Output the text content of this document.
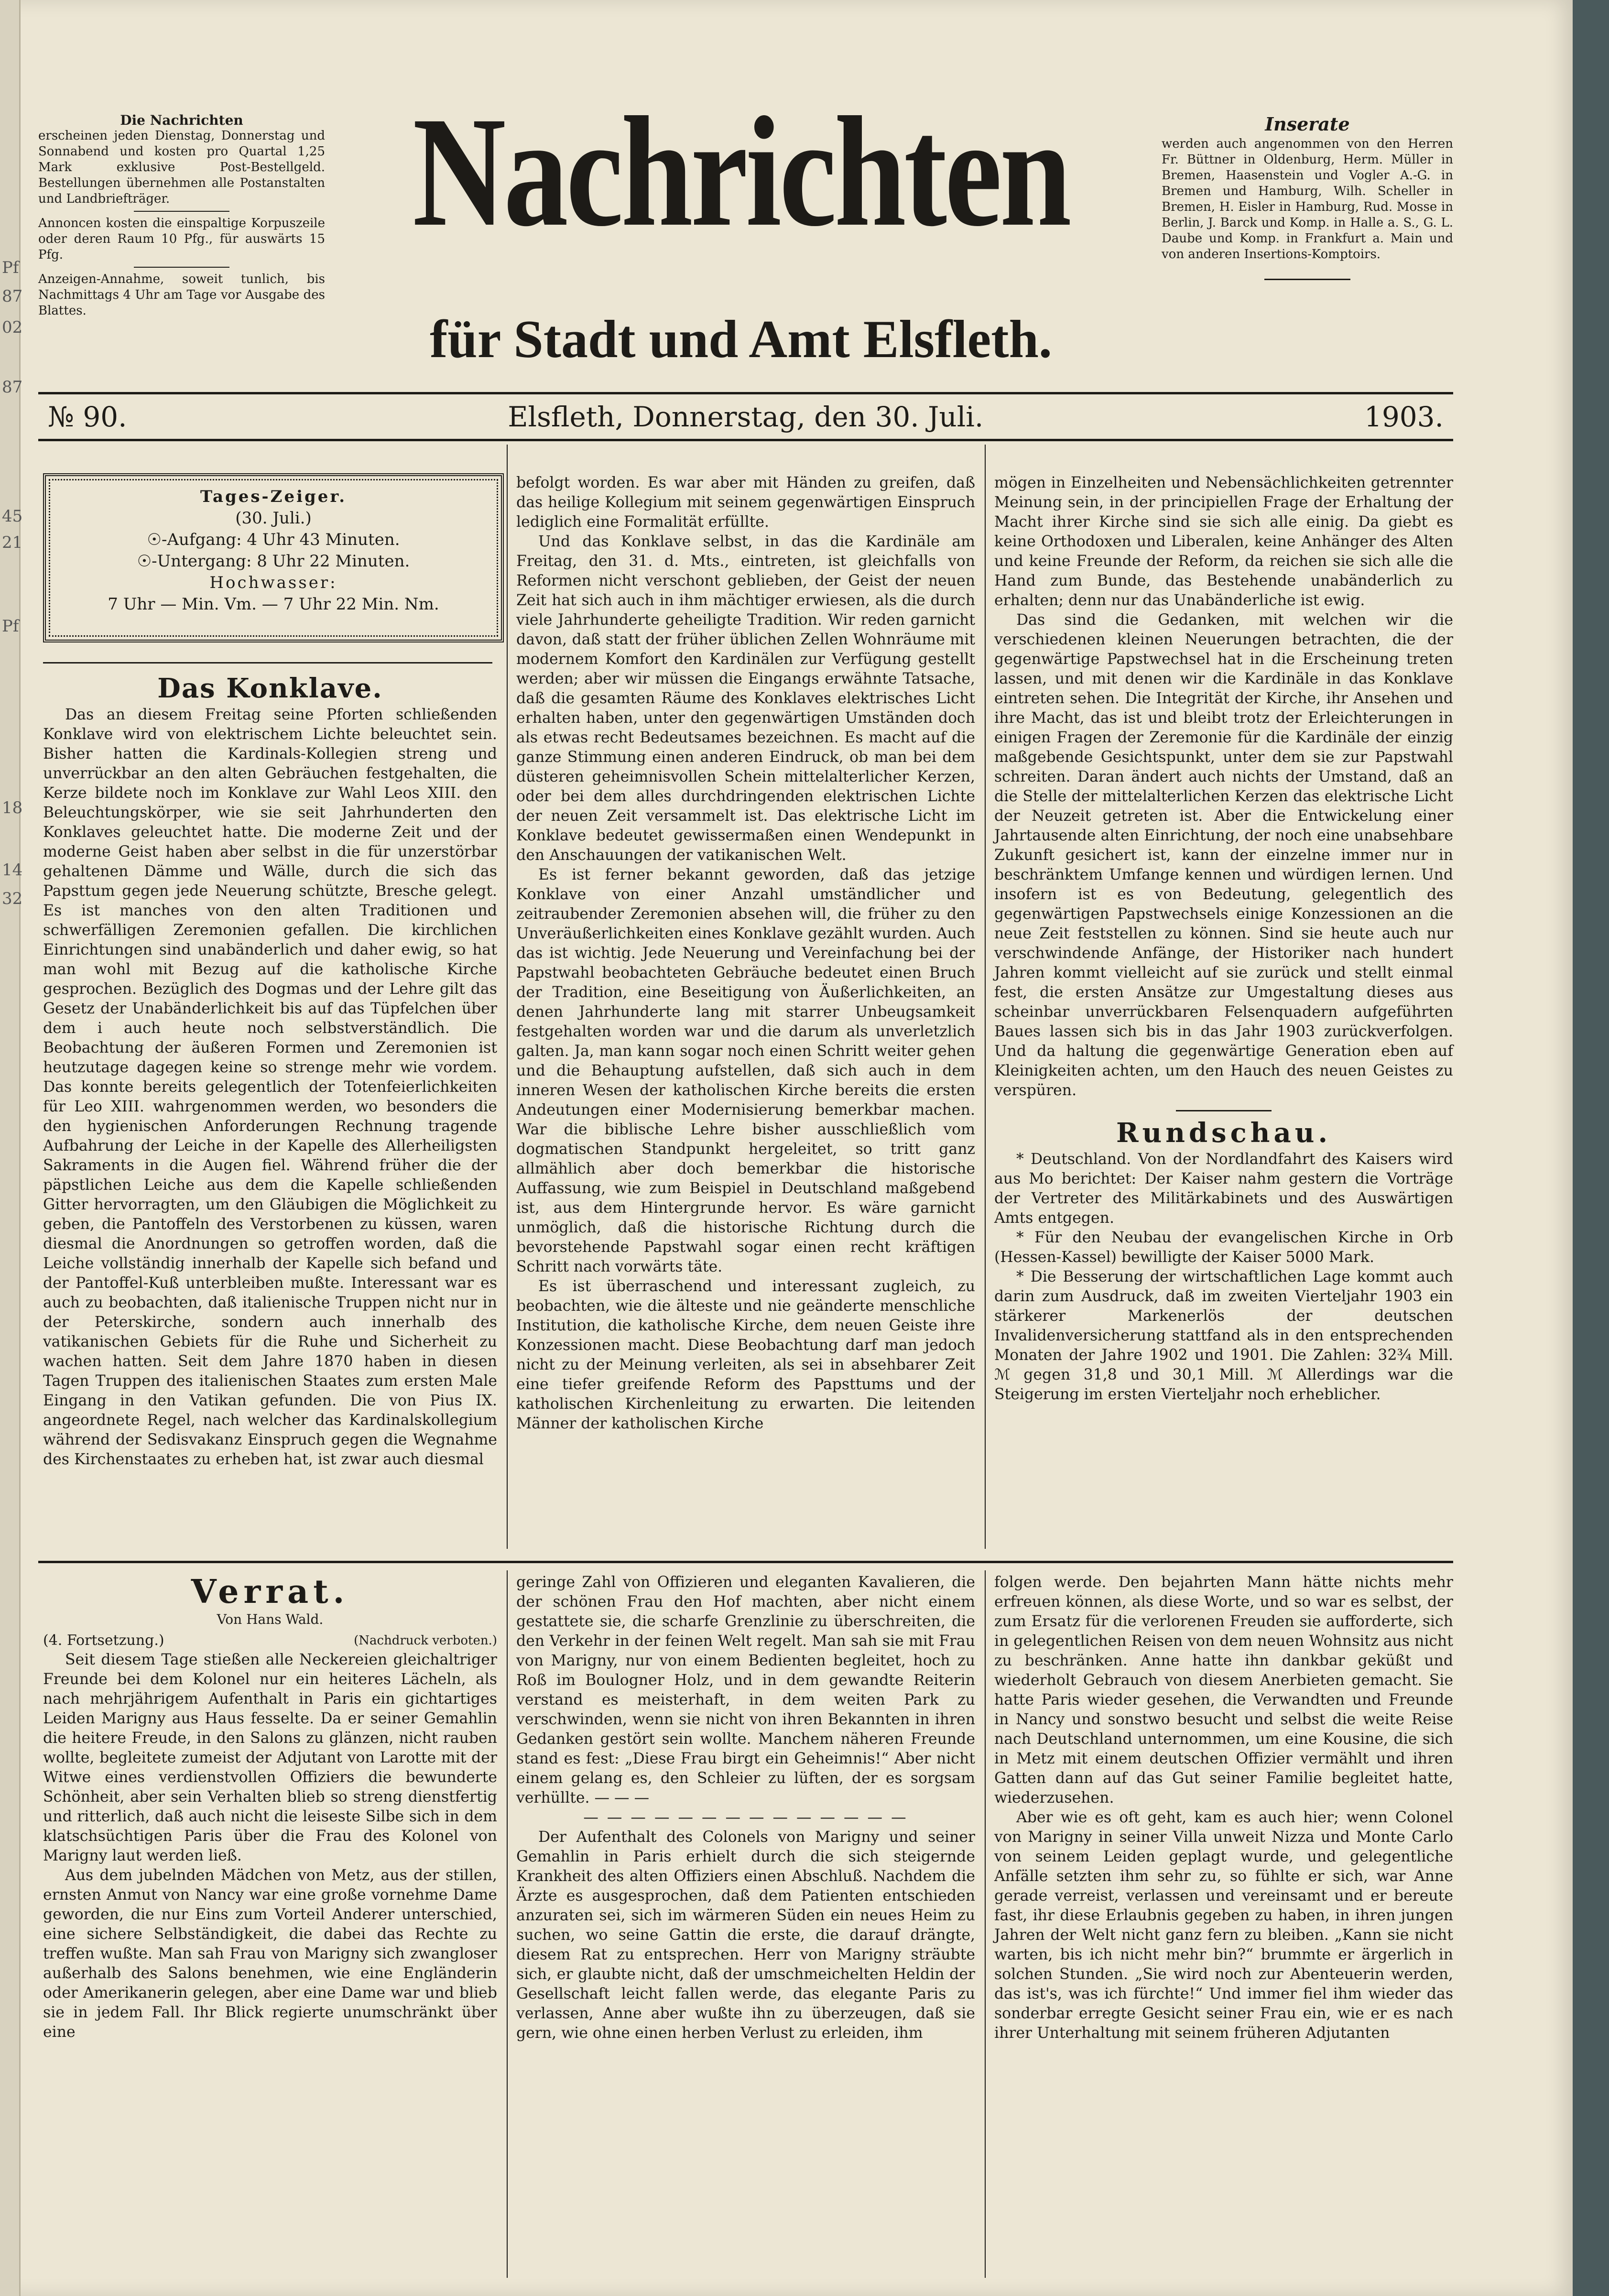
Pf
87
02
87
45
21
Pf
18
14
32
Die Nachrichten
erscheinen jeden Dienstag, Donnerstag und Sonnabend und kosten pro Quartal 1,25 Mark exklusive Post-Bestellgeld. Bestellungen übernehmen alle Postanstalten und Landbriefträger.
Annoncen kosten die einspaltige Korpuszeile oder deren Raum 10 Pfg., für auswärts 15 Pfg.
Anzeigen-Annahme, soweit tunlich, bis Nachmittags 4 Uhr am Tage vor Ausgabe des Blattes.
Nachrichten
für Stadt und Amt Elsfleth.
Inserate
werden auch angenommen von den Herren Fr. Büttner in Oldenburg, Herm. Müller in Bremen, Haasenstein und Vogler A.-G. in Bremen und Hamburg, Wilh. Scheller in Bremen, H. Eisler in Hamburg, Rud. Mosse in Berlin, J. Barck und Komp. in Halle a. S., G. L. Daube und Komp. in Frankfurt a. Main und von anderen Insertions-Komptoirs.
№ 90.	Elsfleth, Donnerstag, den 30. Juli.	1903.
Tages-Zeiger.
(30. Juli.)
☉-Aufgang: 4 Uhr 43 Minuten.
☉-Untergang: 8 Uhr 22 Minuten.
Hochwasser:
7 Uhr — Min. Vm. — 7 Uhr 22 Min. Nm.
Das Konklave.

Das an diesem Freitag seine Pforten schließenden Konklave wird von elektrischem Lichte beleuchtet sein. Bisher hatten die Kardinals-Kollegien streng und unverrückbar an den alten Gebräuchen festgehalten, die Kerze bildete noch im Konklave zur Wahl Leos XIII. den Beleuchtungskörper, wie sie seit Jahrhunderten den Konklaves geleuchtet hatte. Die moderne Zeit und der moderne Geist haben aber selbst in die für unzerstörbar gehaltenen Dämme und Wälle, durch die sich das Papsttum gegen jede Neuerung schützte, Bresche gelegt. Es ist manches von den alten Traditionen und schwerfälligen Zeremonien gefallen. Die kirchlichen Einrichtungen sind unabänderlich und daher ewig, so hat man wohl mit Bezug auf die katholische Kirche gesprochen. Bezüglich des Dogmas und der Lehre gilt das Gesetz der Unabänderlichkeit bis auf das Tüpfelchen über dem i auch heute noch selbstverständlich. Die Beobachtung der äußeren Formen und Zeremonien ist heutzutage dagegen keine so strenge mehr wie vordem. Das konnte bereits gelegentlich der Totenfeierlichkeiten für Leo XIII. wahrgenommen werden, wo besonders die den hygienischen Anforderungen Rechnung tragende Aufbahrung der Leiche in der Kapelle des Allerheiligsten Sakraments in die Augen fiel. Während früher die der päpstlichen Leiche aus dem die Kapelle schließenden Gitter hervorragten, um den Gläubigen die Möglichkeit zu geben, die Pantoffeln des Verstorbenen zu küssen, waren diesmal die Anordnungen so getroffen worden, daß die Leiche vollständig innerhalb der Kapelle sich befand und der Pantoffel-Kuß unterbleiben mußte. Interessant war es auch zu beobachten, daß italienische Truppen nicht nur in der Peterskirche, sondern auch innerhalb des vatikanischen Gebiets für die Ruhe und Sicherheit zu wachen hatten. Seit dem Jahre 1870 haben in diesen Tagen Truppen des italienischen Staates zum ersten Male Eingang in den Vatikan gefunden. Die von Pius IX. angeordnete Regel, nach welcher das Kardinalskollegium während der Sedisvakanz Einspruch gegen die Wegnahme des Kirchenstaates zu erheben hat, ist zwar auch diesmal

befolgt worden. Es war aber mit Händen zu greifen, daß das heilige Kollegium mit seinem gegenwärtigen Einspruch lediglich eine Formalität erfüllte.

Und das Konklave selbst, in das die Kardinäle am Freitag, den 31. d. Mts., eintreten, ist gleichfalls von Reformen nicht verschont geblieben, der Geist der neuen Zeit hat sich auch in ihm mächtiger erwiesen, als die durch viele Jahrhunderte geheiligte Tradition. Wir reden garnicht davon, daß statt der früher üblichen Zellen Wohnräume mit modernem Komfort den Kardinälen zur Verfügung gestellt werden; aber wir müssen die Eingangs erwähnte Tatsache, daß die gesamten Räume des Konklaves elektrisches Licht erhalten haben, unter den gegenwärtigen Umständen doch als etwas recht Bedeutsames bezeichnen. Es macht auf die ganze Stimmung einen anderen Eindruck, ob man bei dem düsteren geheimnisvollen Schein mittelalterlicher Kerzen, oder bei dem alles durchdringenden elektrischen Lichte der neuen Zeit versammelt ist. Das elektrische Licht im Konklave bedeutet gewissermaßen einen Wendepunkt in den Anschauungen der vatikanischen Welt.

Es ist ferner bekannt geworden, daß das jetzige Konklave von einer Anzahl umständlicher und zeitraubender Zeremonien absehen will, die früher zu den Unveräußerlichkeiten eines Konklave gezählt wurden. Auch das ist wichtig. Jede Neuerung und Vereinfachung bei der Papstwahl beobachteten Gebräuche bedeutet einen Bruch der Tradition, eine Beseitigung von Äußerlichkeiten, an denen Jahrhunderte lang mit starrer Unbeugsamkeit festgehalten worden war und die darum als unverletzlich galten. Ja, man kann sogar noch einen Schritt weiter gehen und die Behauptung aufstellen, daß sich auch in dem inneren Wesen der katholischen Kirche bereits die ersten Andeutungen einer Modernisierung bemerkbar machen. War die biblische Lehre bisher ausschließlich vom dogmatischen Standpunkt hergeleitet, so tritt ganz allmählich aber doch bemerkbar die historische Auffassung, wie zum Beispiel in Deutschland maßgebend ist, aus dem Hintergrunde hervor. Es wäre garnicht unmöglich, daß die historische Richtung durch die bevorstehende Papstwahl sogar einen recht kräftigen Schritt nach vorwärts täte.

Es ist überraschend und interessant zugleich, zu beobachten, wie die älteste und nie geänderte menschliche Institution, die katholische Kirche, dem neuen Geiste ihre Konzessionen macht. Diese Beobachtung darf man jedoch nicht zu der Meinung verleiten, als sei in absehbarer Zeit eine tiefer greifende Reform des Papsttums und der katholischen Kirchenleitung zu erwarten. Die leitenden Männer der katholischen Kirche

mögen in Einzelheiten und Nebensächlichkeiten getrennter Meinung sein, in der principiellen Frage der Erhaltung der Macht ihrer Kirche sind sie sich alle einig. Da giebt es keine Orthodoxen und Liberalen, keine Anhänger des Alten und keine Freunde der Reform, da reichen sie sich alle die Hand zum Bunde, das Bestehende unabänderlich zu erhalten; denn nur das Unabänderliche ist ewig.

Das sind die Gedanken, mit welchen wir die verschiedenen kleinen Neuerungen betrachten, die der gegenwärtige Papstwechsel hat in die Erscheinung treten lassen, und mit denen wir die Kardinäle in das Konklave eintreten sehen. Die Integrität der Kirche, ihr Ansehen und ihre Macht, das ist und bleibt trotz der Erleichterungen in einigen Fragen der Zeremonie für die Kardinäle der einzig maßgebende Gesichtspunkt, unter dem sie zur Papstwahl schreiten. Daran ändert auch nichts der Umstand, daß an die Stelle der mittelalterlichen Kerzen das elektrische Licht der Neuzeit getreten ist. Aber die Entwickelung einer Jahrtausende alten Einrichtung, der noch eine unabsehbare Zukunft gesichert ist, kann der einzelne immer nur in beschränktem Umfange kennen und würdigen lernen. Und insofern ist es von Bedeutung, gelegentlich des gegenwärtigen Papstwechsels einige Konzessionen an die neue Zeit feststellen zu können. Sind sie heute auch nur verschwindende Anfänge, der Historiker nach hundert Jahren kommt vielleicht auf sie zurück und stellt einmal fest, die ersten Ansätze zur Umgestaltung dieses aus scheinbar unverrückbaren Felsenquadern aufgeführten Baues lassen sich bis in das Jahr 1903 zurückverfolgen. Und da haltung die gegenwärtige Generation eben auf Kleinigkeiten achten, um den Hauch des neuen Geistes zu verspüren.

Rundschau.

* Deutschland. Von der Nordlandfahrt des Kaisers wird aus Mo berichtet: Der Kaiser nahm gestern die Vorträge der Vertreter des Militärkabinets und des Auswärtigen Amts entgegen.

* Für den Neubau der evangelischen Kirche in Orb (Hessen-Kassel) bewilligte der Kaiser 5000 Mark.

* Die Besserung der wirtschaftlichen Lage kommt auch darin zum Ausdruck, daß im zweiten Vierteljahr 1903 ein stärkerer Markenerlös der deutschen Invalidenversicherung stattfand als in den entsprechenden Monaten der Jahre 1902 und 1901. Die Zahlen: 32¾ Mill. ℳ gegen 31,8 und 30,1 Mill. ℳ Allerdings war die Steigerung im ersten Vierteljahr noch erheblicher.

Verrat.
Von Hans Wald.
(4. Fortsetzung.)	(Nachdruck verboten.)

Seit diesem Tage stießen alle Neckereien gleichaltriger Freunde bei dem Kolonel nur ein heiteres Lächeln, als nach mehrjährigem Aufenthalt in Paris ein gichtartiges Leiden Marigny aus Haus fesselte. Da er seiner Gemahlin die heitere Freude, in den Salons zu glänzen, nicht rauben wollte, begleitete zumeist der Adjutant von Larotte mit der Witwe eines verdienstvollen Offiziers die bewunderte Schönheit, aber sein Verhalten blieb so streng dienstfertig und ritterlich, daß auch nicht die leiseste Silbe sich in dem klatschsüchtigen Paris über die Frau des Kolonel von Marigny laut werden ließ.

Aus dem jubelnden Mädchen von Metz, aus der stillen, ernsten Anmut von Nancy war eine große vornehme Dame geworden, die nur Eins zum Vorteil Anderer unterschied, eine sichere Selbständigkeit, die dabei das Rechte zu treffen wußte. Man sah Frau von Marigny sich zwangloser außerhalb des Salons benehmen, wie eine Engländerin oder Amerikanerin gelegen, aber eine Dame war und blieb sie in jedem Fall. Ihr Blick regierte unumschränkt über eine

geringe Zahl von Offizieren und eleganten Kavalieren, die der schönen Frau den Hof machten, aber nicht einem gestattete sie, die scharfe Grenzlinie zu überschreiten, die den Verkehr in der feinen Welt regelt. Man sah sie mit Frau von Marigny, nur von einem Bedienten begleitet, hoch zu Roß im Boulogner Holz, und in dem gewandte Reiterin verstand es meisterhaft, in dem weiten Park zu verschwinden, wenn sie nicht von ihren Bekannten in ihren Gedanken gestört sein wollte. Manchem näheren Freunde stand es fest: „Diese Frau birgt ein Geheimnis!“ Aber nicht einem gelang es, den Schleier zu lüften, der es sorgsam verhüllte. — — —

— — — — — — — — — — — — — —

Der Aufenthalt des Colonels von Marigny und seiner Gemahlin in Paris erhielt durch die sich steigernde Krankheit des alten Offiziers einen Abschluß. Nachdem die Ärzte es ausgesprochen, daß dem Patienten entschieden anzuraten sei, sich im wärmeren Süden ein neues Heim zu suchen, wo seine Gattin die erste, die darauf drängte, diesem Rat zu entsprechen. Herr von Marigny sträubte sich, er glaubte nicht, daß der umschmeichelten Heldin der Gesellschaft leicht fallen werde, das elegante Paris zu verlassen, Anne aber wußte ihn zu überzeugen, daß sie gern, wie ohne einen herben Verlust zu erleiden, ihm

folgen werde. Den bejahrten Mann hätte nichts mehr erfreuen können, als diese Worte, und so war es selbst, der zum Ersatz für die verlorenen Freuden sie aufforderte, sich in gelegentlichen Reisen von dem neuen Wohnsitz aus nicht zu beschränken. Anne hatte ihn dankbar geküßt und wiederholt Gebrauch von diesem Anerbieten gemacht. Sie hatte Paris wieder gesehen, die Verwandten und Freunde in Nancy und sonstwo besucht und selbst die weite Reise nach Deutschland unternommen, um eine Kousine, die sich in Metz mit einem deutschen Offizier vermählt und ihren Gatten dann auf das Gut seiner Familie begleitet hatte, wiederzusehen.

Aber wie es oft geht, kam es auch hier; wenn Colonel von Marigny in seiner Villa unweit Nizza und Monte Carlo von seinem Leiden geplagt wurde, und gelegentliche Anfälle setzten ihm sehr zu, so fühlte er sich, war Anne gerade verreist, verlassen und vereinsamt und er bereute fast, ihr diese Erlaubnis gegeben zu haben, in ihren jungen Jahren der Welt nicht ganz fern zu bleiben. „Kann sie nicht warten, bis ich nicht mehr bin?“ brummte er ärgerlich in solchen Stunden. „Sie wird noch zur Abenteuerin werden, das ist's, was ich fürchte!“ Und immer fiel ihm wieder das sonderbar erregte Gesicht seiner Frau ein, wie er es nach ihrer Unterhaltung mit seinem früheren Adjutanten
